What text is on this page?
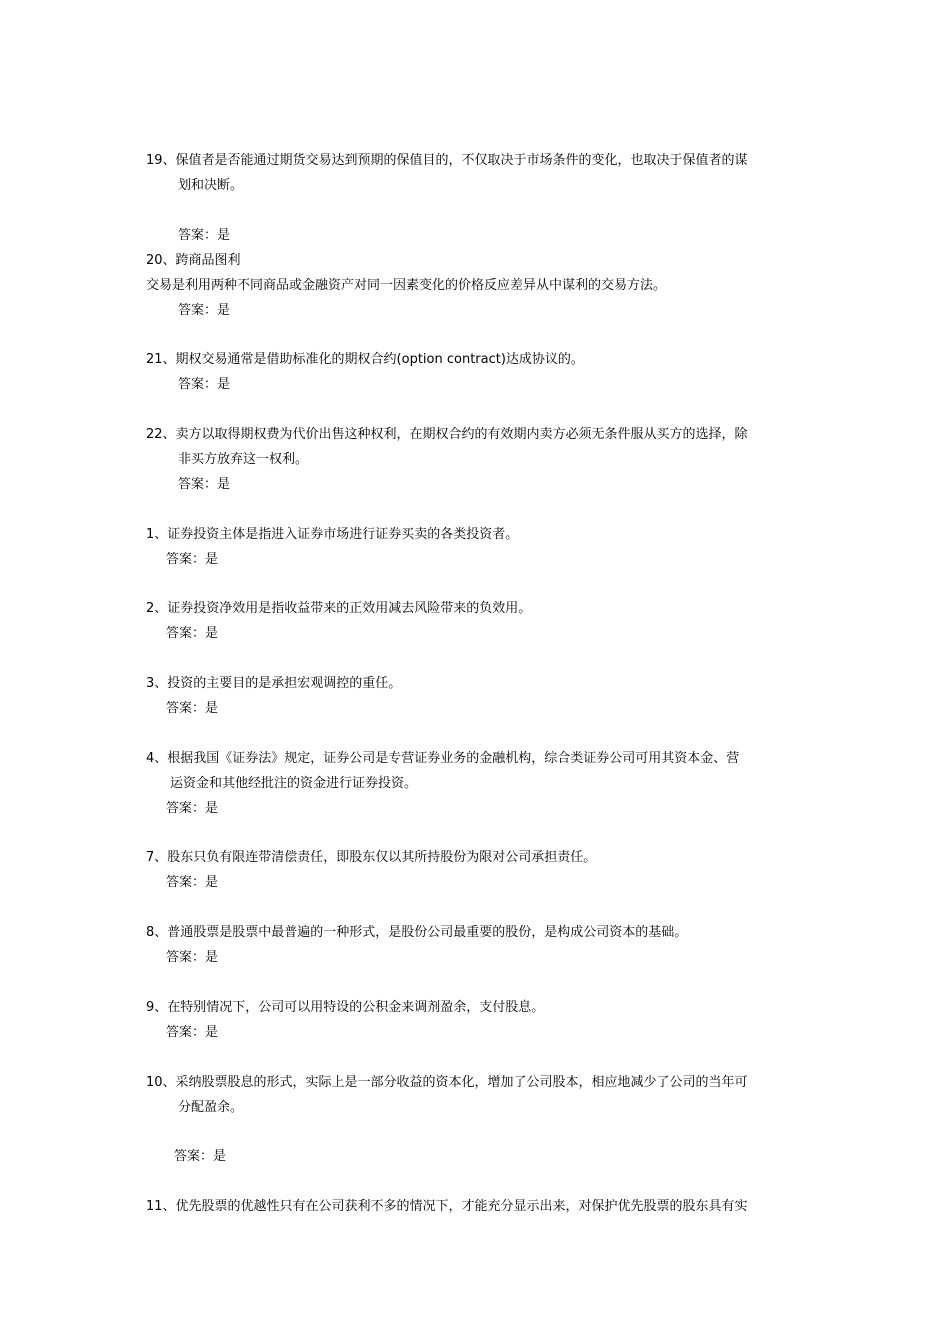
19、保值者是否能通过期货交易达到预期的保值目的，不仅取决于市场条件的变化，也取决于保值者的谋
划和决断。
答案：是
20、跨商品图利
交易是利用两种不同商品或金融资产对同一因素变化的价格反应差异从中谋利的交易方法。
答案：是
21、期权交易通常是借助标准化的期权合约(option contract)达成协议的。
答案：是
22、卖方以取得期权费为代价出售这种权利，在期权合约的有效期内卖方必须无条件服从买方的选择，除
非买方放弃这一权利。
答案：是
1、证券投资主体是指进入证券市场进行证券买卖的各类投资者。
答案：是
2、证券投资净效用是指收益带来的正效用减去风险带来的负效用。
答案：是
3、投资的主要目的是承担宏观调控的重任。
答案：是
4、根据我国《证券法》规定，证券公司是专营证券业务的金融机构，综合类证券公司可用其资本金、营
运资金和其他经批注的资金进行证券投资。
答案：是
7、股东只负有限连带清偿责任，即股东仅以其所持股份为限对公司承担责任。
答案：是
8、普通股票是股票中最普遍的一种形式，是股份公司最重要的股份，是构成公司资本的基础。
答案：是
9、在特别情况下，公司可以用特设的公积金来调剂盈余，支付股息。
答案：是
10、采纳股票股息的形式，实际上是一部分收益的资本化，增加了公司股本，相应地减少了公司的当年可
分配盈余。
答案：是
11、优先股票的优越性只有在公司获利不多的情况下，才能充分显示出来，对保护优先股票的股东具有实
